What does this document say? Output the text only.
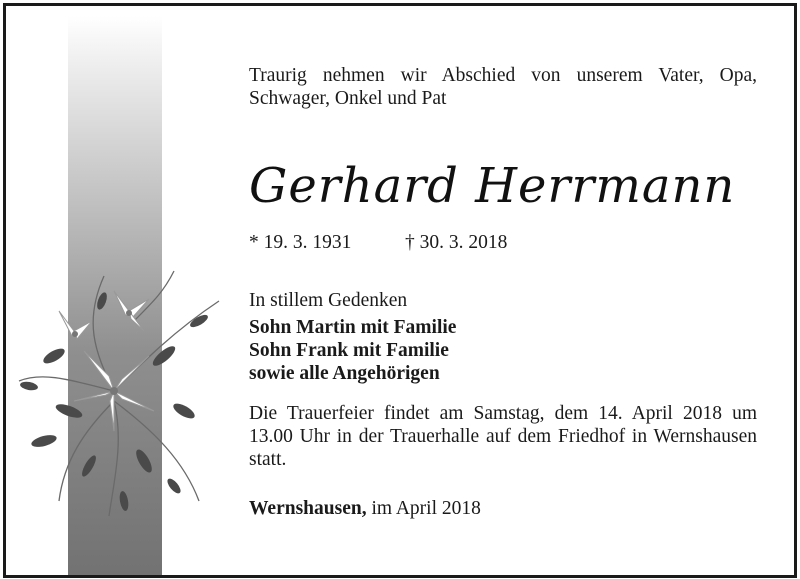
Traurig nehmen wir Abschied von unserem Vater, Opa, Schwager, Onkel und Pat
Gerhard Herrmann
* 19. 3. 1931	† 30. 3. 2018
In stillem Gedenken
Sohn Martin mit Familie
Sohn Frank mit Familie
sowie alle Angehörigen
Die Trauerfeier findet am Samstag, dem 14. April 2018 um 13.00 Uhr in der Trauerhalle auf dem Friedhof in Wernshausen statt.
Wernshausen, im April 2018
